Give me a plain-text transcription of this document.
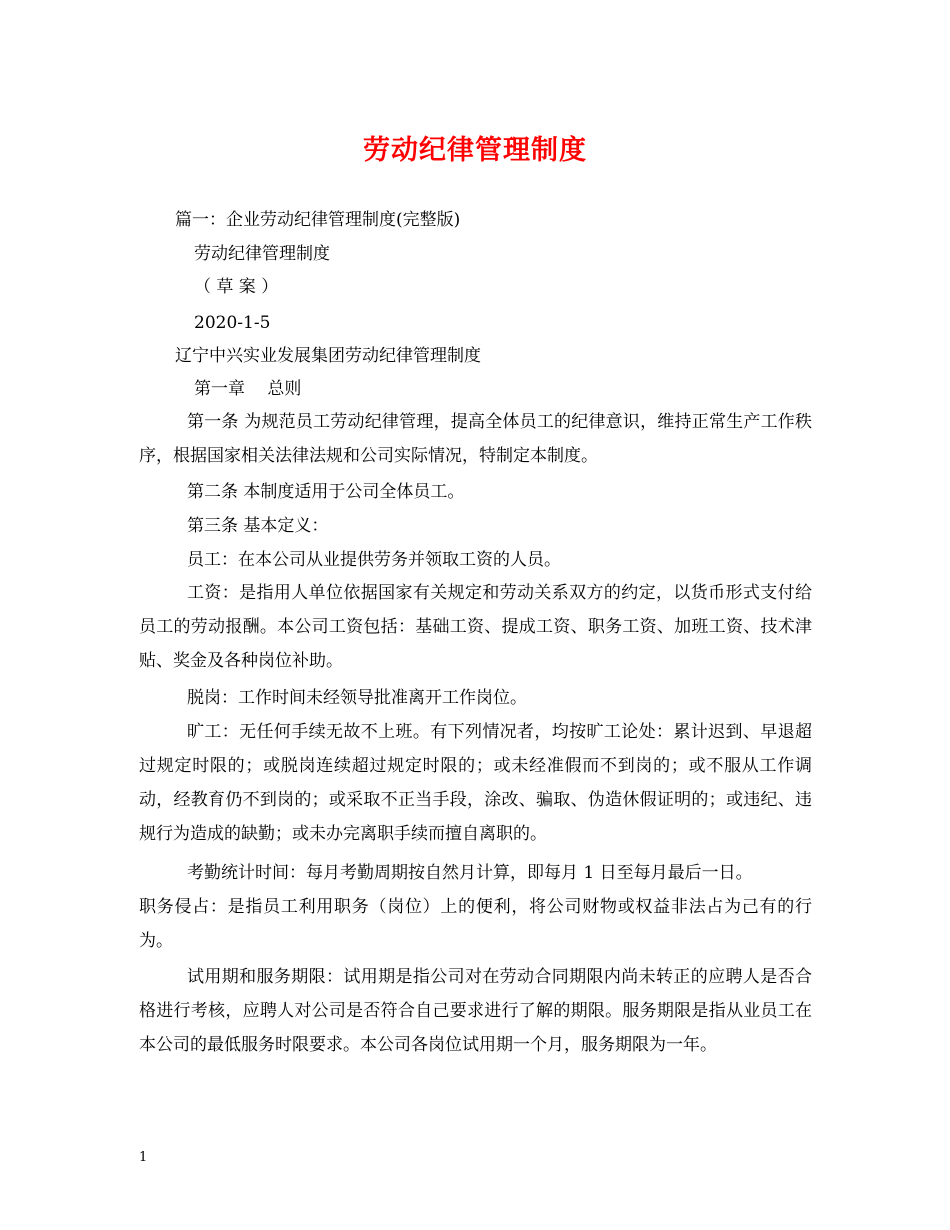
劳动纪律管理制度
篇一：企业劳动纪律管理制度(完整版)
劳动纪律管理制度
（ 草 案 ）
2020-1-5
辽宁中兴实业发展集团劳动纪律管理制度
第一章　 总则
第一条 为规范员工劳动纪律管理，提高全体员工的纪律意识，维持正常生产工作秩序，根据国家相关法律法规和公司实际情况，特制定本制度。
第二条 本制度适用于公司全体员工。
第三条 基本定义：
员工：在本公司从业提供劳务并领取工资的人员。
工资：是指用人单位依据国家有关规定和劳动关系双方的约定，以货币形式支付给员工的劳动报酬。本公司工资包括：基础工资、提成工资、职务工资、加班工资、技术津贴、奖金及各种岗位补助。
脱岗：工作时间未经领导批准离开工作岗位。
旷工：无任何手续无故不上班。有下列情况者，均按旷工论处：累计迟到、早退超过规定时限的；或脱岗连续超过规定时限的；或未经准假而不到岗的；或不服从工作调动，经教育仍不到岗的；或采取不正当手段，涂改、骗取、伪造休假证明的；或违纪、违规行为造成的缺勤；或未办完离职手续而擅自离职的。
考勤统计时间：每月考勤周期按自然月计算，即每月 1 日至每月最后一日。
职务侵占：是指员工利用职务（岗位）上的便利，将公司财物或权益非法占为己有的行为。
试用期和服务期限：试用期是指公司对在劳动合同期限内尚未转正的应聘人是否合格进行考核，应聘人对公司是否符合自己要求进行了解的期限。服务期限是指从业员工在本公司的最低服务时限要求。本公司各岗位试用期一个月，服务期限为一年。
1
